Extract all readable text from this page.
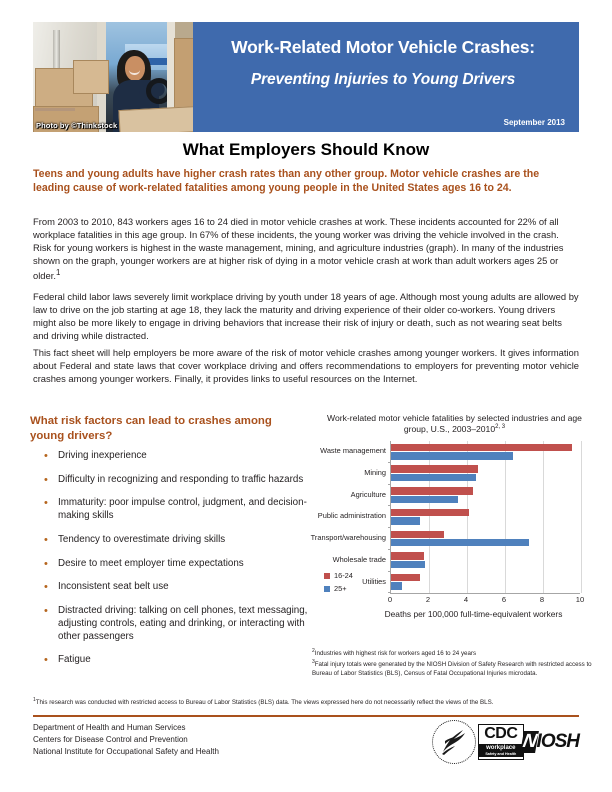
Photo by ©Thinkstock
Work-Related Motor Vehicle Crashes:
Preventing Injuries to Young Drivers
September 2013
What Employers Should Know
Teens and young adults have higher crash rates than any other group. Motor vehicle crashes are the leading cause of work-related fatalities among young people in the United States ages 16 to 24.
From 2003 to 2010, 843 workers ages 16 to 24 died in motor vehicle crashes at work. These incidents accounted for 22% of all workplace fatalities in this age group. In 67% of these incidents, the young worker was driving the vehicle involved in the crash. Risk for young workers is highest in the waste management, mining, and agriculture industries (graph). In many of the industries shown on the graph, younger workers are at higher risk of dying in a motor vehicle crash at work than adult workers ages 25 or older.$^1$
Federal child labor laws severely limit workplace driving by youth under 18 years of age. Although most young adults are allowed by law to drive on the job starting at age 18, they lack the maturity and driving experience of their older co-workers. Young drivers might also be more likely to engage in driving behaviors that increase their risk of injury or death, such as not wearing seat belts and driving while distracted.
This fact sheet will help employers be more aware of the risk of motor vehicle crashes among younger workers. It gives information about Federal and state laws that cover workplace driving and offers recommendations to employers for preventing motor vehicle crashes among younger workers. Finally, it provides links to useful resources on the Internet.
What risk factors can lead to crashes among young drivers?
• Driving inexperience
• Difficulty in recognizing and responding to traffic hazards
• Immaturity: poor impulse control, judgment, and decision-making skills
• Tendency to overestimate driving skills
• Desire to meet employer time expectations
• Inconsistent seat belt use
• Distracted driving: talking on cell phones, text messaging, adjusting controls, eating and drinking, or interacting with other passengers
• Fatigue
Work-related motor vehicle fatalities by selected industries and age group, U.S., 2003–2010$^{2, 3}$
Waste management
Mining
Agriculture
Public administration
Transport/warehousing
Wholesale trade
Utilities
0	2	4	6	8	10
16-24
25+
Deaths per 100,000 full-time-equivalent workers

$^2$Industries with highest risk for workers aged 16 to 24 years

$^3$Fatal injury totals were generated by the NIOSH Division of Safety Research with restricted access to Bureau of Labor Statistics (BLS), Census of Fatal Occupational Injuries microdata.

$^1$This research was conducted with restricted access to Bureau of Labor Statistics (BLS) data. The views expressed here do not necessarily reflect the views of the BLS.
Department of Health and Human Services
Centers for Disease Control and Prevention
National Institute for Occupational Safety and Health
CDC
workplace
Safety and Health
NIOSH
